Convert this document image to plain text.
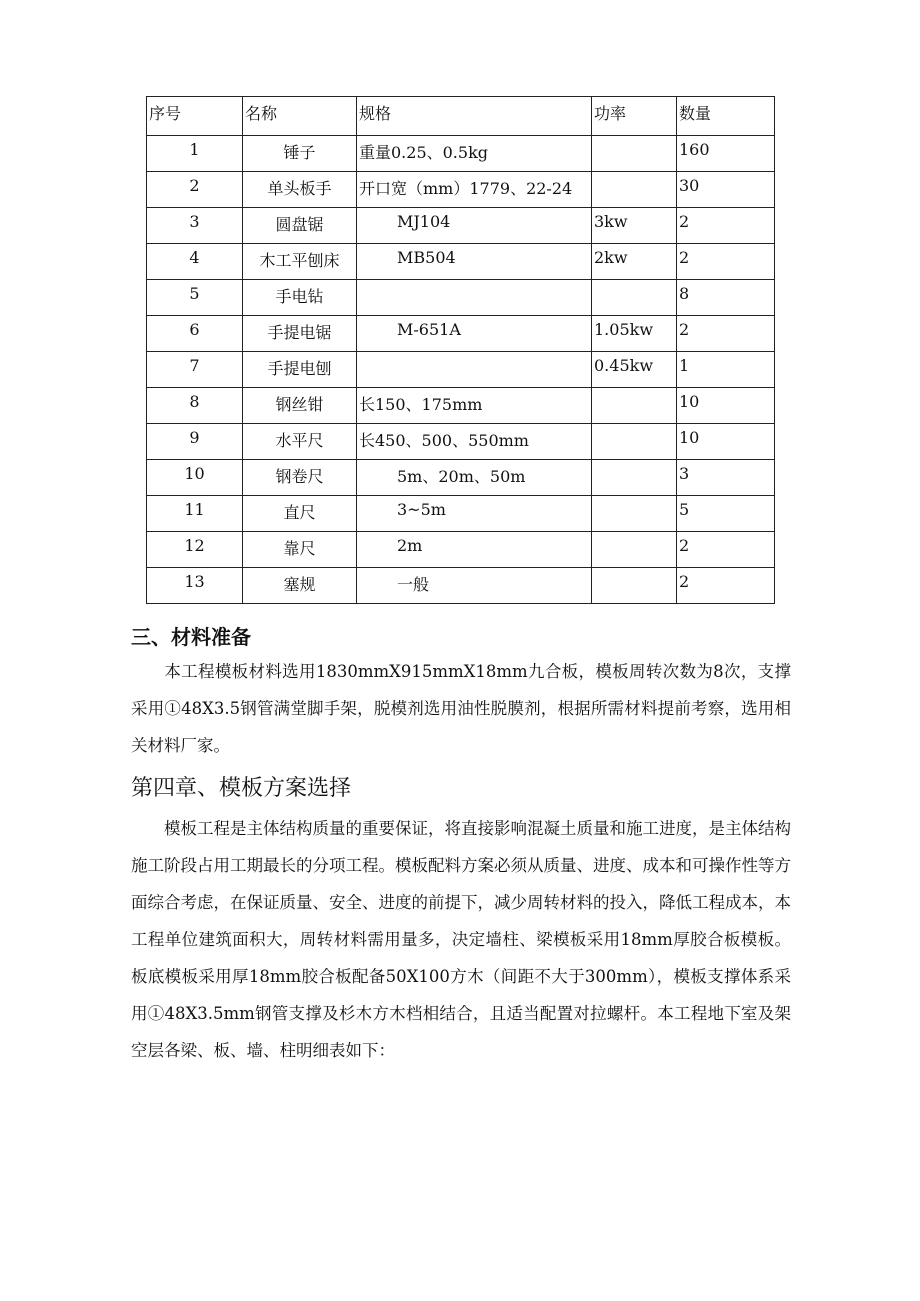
序号	名称	规格	功率	数量
1	锤子	重量0.25、0.5kg		160
2	单头板手	开口宽（mm）1779、22-24		30
3	圆盘锯	MJ104	3kw	2
4	木工平刨床	MB504	2kw	2
5	手电钻			8
6	手提电锯	M-651A	1.05kw	2
7	手提电刨		0.45kw	1
8	钢丝钳	长150、175mm		10
9	水平尺	长450、500、550mm		10
10	钢卷尺	5m、20m、50m		3
11	直尺	3~5m		5
12	靠尺	2m		2
13	塞规	一般		2
三、材料准备

本工程模板材料选用1830mmX915mmX18mm九合板，模板周转次数为8次，支撑采用①48X3.5钢管满堂脚手架，脱模剂选用油性脱膜剂，根据所需材料提前考察，选用相关材料厂家。

第四章、模板方案选择

模板工程是主体结构质量的重要保证，将直接影响混凝土质量和施工进度，是主体结构施工阶段占用工期最长的分项工程。模板配料方案必须从质量、进度、成本和可操作性等方面综合考虑，在保证质量、安全、进度的前提下，减少周转材料的投入，降低工程成本，本工程单位建筑面积大，周转材料需用量多，决定墙柱、梁模板采用18mm厚胶合板模板。板底模板采用厚18mm胶合板配备50X100方木（间距不大于300mm），模板支撑体系采用①48X3.5mm钢管支撑及杉木方木档相结合，且适当配置对拉螺杆。本工程地下室及架空层各梁、板、墙、柱明细表如下：
